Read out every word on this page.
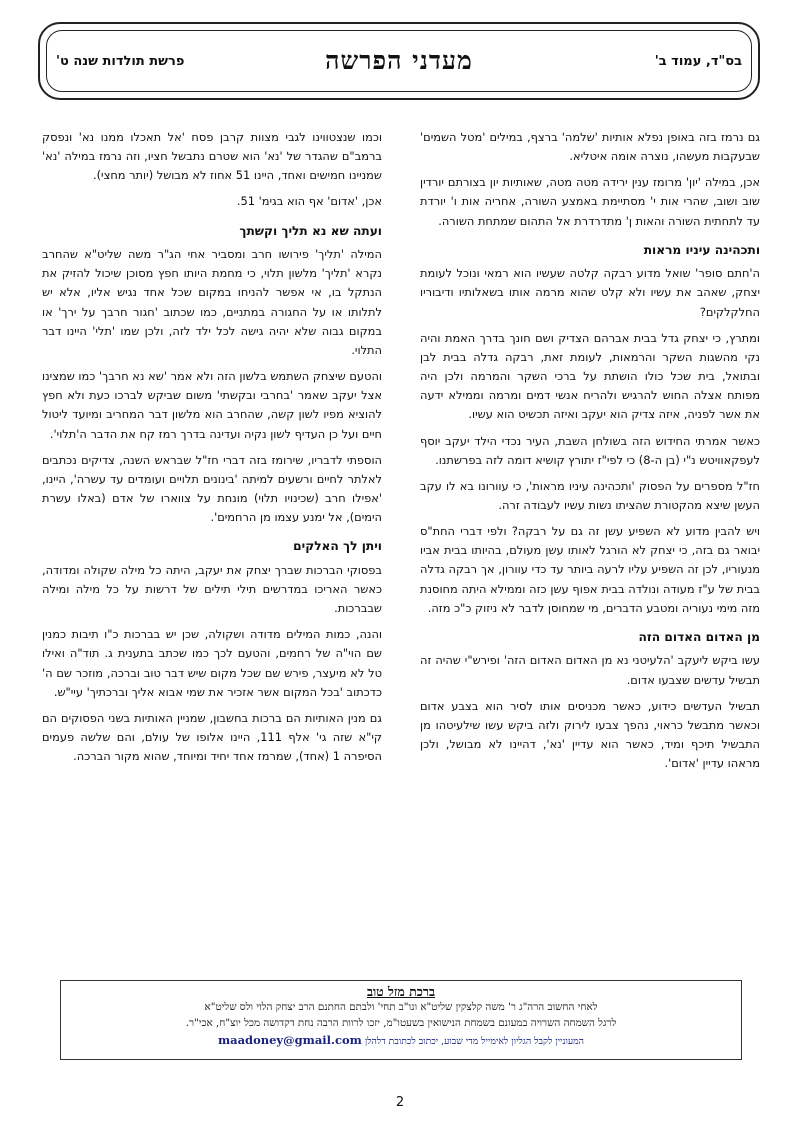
בס"ד, עמוד ב'
מעדני הפרשה
פרשת תולדות שנה ט'

גם נרמז בזה באופן נפלא אותיות 'שלמה' ברצף, במילים 'מטל השמים' שבעקבות מעשהו, נוצרה אומה איטליא.

אכן, במילה 'יון' מרומז ענין ירידה מטה מטה, שאותיות יון בצורתם יורדין שוב ושוב, שהרי אות י' מסתיימת באמצע השורה, אחריה אות ו' יורדת עד לתחתית השורה והאות ן' מתדרדרת אל התהום שמתחת השורה.

ותכהינה עיניו מראות

ה'חתם סופר' שואל מדוע רבקה קלטה שעשיו הוא רמאי ונוכל לעומת יצחק, שאהב את עשיו ולא קלט שהוא מרמה אותו בשאלותיו ודיבוריו החלקלקים?

ומתרץ, כי יצחק גדל בבית אברהם הצדיק ושם חונך בדרך האמת והיה נקי מהשגות השקר והרמאות, לעומת זאת, רבקה גדלה בבית לבן ובתואל, בית שכל כולו הושתת על ברכי השקר והמרמה ולכן היה מפותח אצלה החוש להרגיש ולהריח אנשי דמים ומרמה וממילא ידעה את אשר לפניה, איזה צדיק הוא יעקב ואיזה תכשיט הוא עשיו.

כאשר אמרתי החידוש הזה בשולחן השבת, העיר נכדי הילד יעקב יוסף לעפקאוויטש נ"י (בן ה-8) כי לפי"ז יתורץ קושיא דומה לזה בפרשתנו.

חז"ל מספרים על הפסוק 'ותכהינה עיניו מראות', כי עוורונו בא לו עקב העשן שיצא מהקטורת שהציתו נשות עשיו לעבודה זרה.

ויש להבין מדוע לא השפיע עשן זה גם על רבקה? ולפי דברי החת"ס יבואר גם בזה, כי יצחק לא הורגל לאותו עשן מעולם, בהיותו בבית אביו מנעוריו, לכן זה השפיע עליו לרעה ביותר עד כדי עוורון, אך רבקה גדלה בבית של ע"ז מעודה ונולדה בבית אפוף עשן כזה וממילא היתה מחוסנת מזה מימי נעוריה ומטבע הדברים, מי שמחוסן לדבר לא ניזוק כ"כ מזה.

מן האדום האדום הזה

עשו ביקש ליעקב 'הלעיטני נא מן האדום האדום הזה' ופירש"י שהיה זה תבשיל עדשים שצבעו אדום.

תבשיל העדשים כידוע, כאשר מכניסים אותו לסיר הוא בצבע אדום וכאשר מתבשל כראוי, נהפך צבעו לירוק ולזה ביקש עשו שילעיטהו מן התבשיל תיכף ומיד, כאשר הוא עדיין 'נא', דהיינו לא מבושל, ולכן מראהו עדיין 'אדום'.

וכמו שנצטווינו לגבי מצוות קרבן פסח 'אל תאכלו ממנו נא' ונפסק ברמב"ם שהגדר של 'נא' הוא שטרם נתבשל חציו, וזה נרמז במילה 'נא' שמניינו חמישים ואחד, היינו 51 אחוז לא מבושל (יותר מחצי).

אכן, 'אדום' אף הוא בגימ' 51.

ועתה שא נא תליך וקשתך

המילה 'תליך' פירושו חרב ומסביר אחי הג"ר משה שליט"א שהחרב נקרא 'תליך' מלשון תלוי, כי מחמת היותו חפץ מסוכן שיכול להזיק את הנתקל בו, אי אפשר להניחו במקום שכל אחד נגיש אליו, אלא יש לתלותו או על החגורה במתניים, כמו שכתוב 'חגור חרבך על ירך' או במקום גבוה שלא יהיה גישה לכל ילד לזה, ולכן שמו 'תלי' היינו דבר התלוי.

והטעם שיצחק השתמש בלשון הזה ולא אמר 'שא נא חרבך' כמו שמצינו אצל יעקב שאמר 'בחרבי ובקשתי' משום שביקש לברכו כעת ולא חפץ להוציא מפיו לשון קשה, שהחרב הוא מלשון דבר המחריב ומיועד ליטול חיים ועל כן העדיף לשון נקיה ועדינה בדרך רמז קח את הדבר ה'תלוי'.

הוספתי לדבריו, שירומז בזה דברי חז"ל שבראש השנה, צדיקים נכתבים לאלתר לחיים ורשעים למיתה 'בינונים תלויים ועומדים עד עשרה', היינו, 'אפילו חרב (שכינויו תלוי) מונחת על צווארו של אדם (באלו עשרת הימים), אל ימנע עצמו מן הרחמים'.

ויתן לך האלקים

בפסוקי הברכות שברך יצחק את יעקב, היתה כל מילה שקולה ומדודה, כאשר האריכו במדרשים תילי תילים של דרשות על כל מילה ומילה שבברכות.

והנה, כמות המילים מדודה ושקולה, שכן יש בברכות כ"ו תיבות כמנין שם הוי"ה של רחמים, והטעם לכך כמו שכתב בתענית ג. תוד"ה ואילו טל לא מיעצר, פירש שם שכל מקום שיש דבר טוב וברכה, מוזכר שם ה' כדכתוב 'בכל המקום אשר אזכיר את שמי אבוא אליך וברכתיך' עיי"ש.

גם מנין האותיות הם ברכות בחשבון, שמניין האותיות בשני הפסוקים הם קי"א שזה גי' אלף 111, היינו אלופו של עולם, והם שלשה פעמים הסיפרה 1 (אחד), שמרמז אחד יחיד ומיוחד, שהוא מקור הברכה.

ברכת מזל טוב
לאחי החשוב הרה"ג ר' משה קלצקין שליט"א ונו"ב תחי' ולבתם החתנם הרב יצחק הלוי ולס שליט"א
לרגל השמחה השרויה במעונם בשמחת הנישואין בשעטו"מ, יזכו לרוות הרבה נחת דקדושה מכל יוצ"ח, אכי"ר.
המעוניין לקבל הגליון לאימייל מדי שבוע, יכתוב לכתובת דלהלן maadoney@gmail.com
2
